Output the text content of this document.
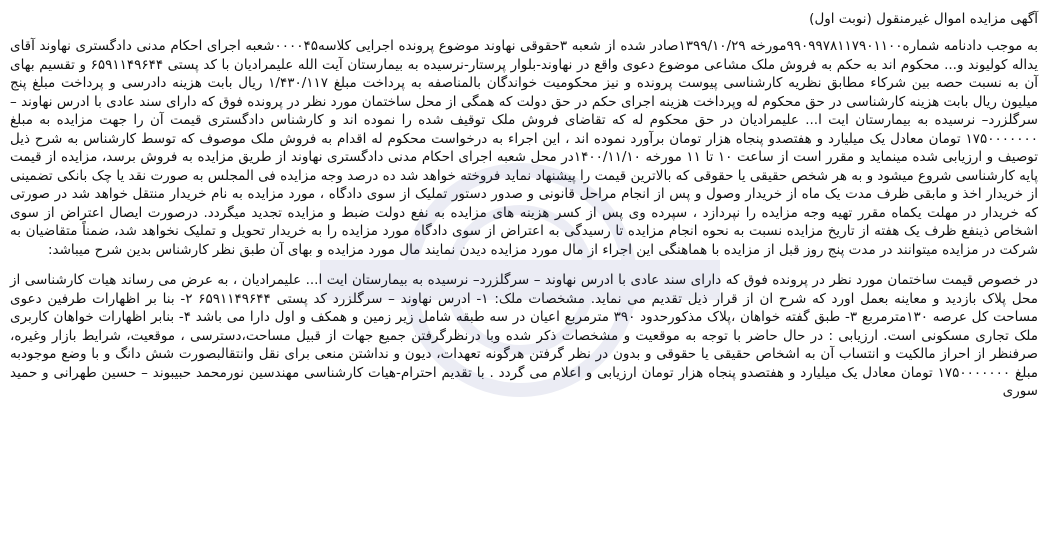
آگهی مزایده اموال غیرمنقول (نوبت اول)

به موجب دادنامه شماره۹۹۰۹۹۷۸۱۱۷۹۰۱۱۰۰مورخه ۱۳۹۹/۱۰/۲۹صادر شده از شعبه ۳حقوقی نهاوند موضوع پرونده اجرایی کلاسه۰۰۰۰۴۵شعبه اجرای احکام مدنی دادگستری نهاوند آقای یداله کولیوند و... محکوم اند به حکم به فروش ملک مشاعی موضوع دعوی واقع در نهاوند-بلوار پرستار-نرسیده به بیمارستان آیت الله علیمرادیان با کد پستی ۶۵۹۱۱۴۹۶۴۴ و تقسیم بهای آن به نسبت حصه بین شرکاء مطابق نظریه کارشناسی پیوست پرونده و نیز محکومیت خواندگان بالمناصفه به پرداخت مبلغ ۱/۴۳۰/۱۱۷ ریال بابت هزینه دادرسی و پرداخت مبلغ پنج میلیون ریال بابت هزینه کارشناسی در حق محکوم له وپرداخت هزینه اجرای حکم در حق دولت که همگی از محل ساختمان مورد نظر در پرونده فوق که دارای سند عادی با ادرس نهاوند – سرگلزرد– نرسیده به بیمارستان ایت ا... علیمرادیان در حق محکوم له که تقاضای فروش ملک توقیف شده را نموده اند و کارشناس دادگستری قیمت آن را جهت مزایده به مبلغ ۱۷۵۰۰۰۰۰۰۰ تومان معادل یک میلیارد و هفتصدو پنجاه هزار تومان برآورد نموده اند ، این اجراء به درخواست محکوم له اقدام به فروش ملک موصوف که توسط کارشناس به شرح ذیل توصیف و ارزیابی شده مینماید و مقرر است از ساعت ۱۰ تا ۱۱ مورخه ۱۴۰۰/۱۱/۱۰در محل شعبه اجرای احکام مدنی دادگستری نهاوند از طریق مزایده به فروش برسد، مزایده از قیمت پایه کارشناسی شروع میشود و به هر شخص حقیقی یا حقوقی که بالاترین قیمت را پیشنهاد نماید فروخته خواهد شد ده درصد وجه مزایده فی المجلس به صورت نقد یا چک بانکی تضمینی از خریدار اخذ و مابقی ظرف مدت یک ماه از خریدار وصول و پس از انجام مراحل قانونی و صدور دستور تملیک از سوی دادگاه ، مورد مزایده به نام خریدار منتقل خواهد شد در صورتی که خریدار در مهلت یکماه مقرر تهیه وجه مزایده را نپردازد ، سپرده وی پس از کسر هزینه های مزایده به نفع دولت ضبط و مزایده تجدید میگردد. درصورت ایصال اعتراض از سوی اشخاص ذینفع ظرف یک هفته از تاریخ مزایده نسبت به نحوه انجام مزایده تا رسیدگی به اعتراض از سوی دادگاه مورد مزایده را به خریدار تحویل و تملیک نخواهد شد، ضمناً متقاضیان به شرکت در مزایده میتوانند در مدت پنج روز قبل از مزایده با هماهنگی این اجراء از مال مورد مزایده دیدن نمایند مال مورد مزایده و بهای آن طبق نظر کارشناس بدین شرح میباشد:

در خصوص قیمت ساختمان مورد نظر در پرونده فوق که دارای سند عادی با ادرس نهاوند – سرگلزرد– نرسیده به بیمارستان ایت ا... علیمرادیان ، به عرض می رساند هیات کارشناسی از محل پلاک بازدید و معاینه بعمل اورد که شرح ان از قرار ذیل تقدیم می نماید. مشخصات ملک: ۱- ادرس نهاوند – سرگلزرد کد پستی ۶۵۹۱۱۴۹۶۴۴ ۲- بنا بر اظهارات طرفین دعوی مساحت کل عرصه ۱۳۰مترمربع ۳- طبق گفته خواهان ،پلاک مذکورحدود ۳۹۰ مترمربع اعیان در سه طبقه شامل زیر زمین و همکف و اول دارا می باشد ۴- بنابر اظهارات خواهان کاربری ملک تجاری مسکونی است. ارزیابی : در حال حاضر با توجه به موقعیت و مشخصات ذکر شده وبا درنظرگرفتن جمیع جهات از قبیل مساحت،دسترسی ، موقعیت، شرایط بازار وغیره، صرفنظر از احراز مالکیت و انتساب آن به اشخاص حقیقی یا حقوقی و بدون در نظر گرفتن هرگونه تعهدات، دیون و نداشتن منعی برای نقل وانتقالبصورت شش دانگ و با وضع موجودبه مبلغ ۱۷۵۰۰۰۰۰۰۰ تومان معادل یک میلیارد و هفتصدو پنجاه هزار تومان ارزیابی و اعلام می گردد . با تقدیم احترام-هیات کارشناسی مهندسین نورمحمد حبیبوند – حسین طهرانی و حمید سوری
